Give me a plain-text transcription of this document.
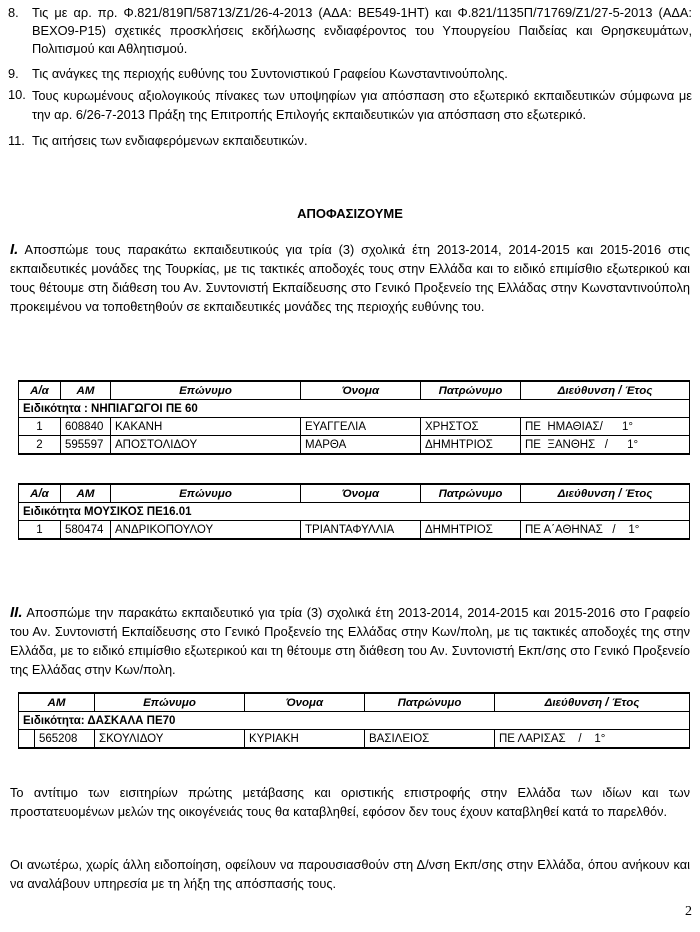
8.	Τις με αρ. πρ. Φ.821/819Π/58713/Ζ1/26-4-2013 (ΑΔΑ: ΒΕ549-1ΗΤ) και Φ.821/1135Π/71769/Ζ1/27-5-2013 (ΑΔΑ: ΒΕΧΟ9-Ρ15) σχετικές προσκλήσεις εκδήλωσης ενδιαφέροντος του Υπουργείου Παιδείας και Θρησκευμάτων, Πολιτισμού και Αθλητισμού.
9.	Τις ανάγκες της περιοχής ευθύνης του Συντονιστικού Γραφείου Κωνσταντινούπολης.
10. Τους κυρωμένους αξιολογικούς πίνακες των υποψηφίων για απόσπαση στο εξωτερικό εκπαιδευτικών σύμφωνα με την αρ. 6/26-7-2013 Πράξη της Επιτροπής Επιλογής εκπαιδευτικών για απόσπαση στο εξωτερικό.
11. Τις αιτήσεις των ενδιαφερόμενων εκπαιδευτικών.
ΑΠΟΦΑΣΙΖΟΥΜΕ
Ι. Αποσπώμε τους παρακάτω εκπαιδευτικούς για τρία (3) σχολικά έτη 2013-2014, 2014-2015 και 2015-2016 στις εκπαιδευτικές μονάδες της Τουρκίας, με τις τακτικές αποδοχές τους στην Ελλάδα και το ειδικό επιμίσθιο εξωτερικού και τους θέτουμε στη διάθεση του Αν. Συντονιστή Εκπαίδευσης στο Γενικό Προξενείο της Ελλάδας στην Κωνσταντινούπολη προκειμένου να τοποθετηθούν σε εκπαιδευτικές μονάδες της περιοχής ευθύνης του.
Α/α	ΑΜ	Επώνυμο	Όνομα	Πατρώνυμο	Διεύθυνση / Έτος
Ειδικότητα : ΝΗΠΙΑΓΩΓΟΙ ΠΕ 60					
1	608840	ΚΑΚΑΝΗ	ΕΥΑΓΓΕΛΙΑ	ΧΡΗΣΤΟΣ	ΠΕ  ΗΜΑΘΙΑΣ/      1°
2	595597	ΑΠΟΣΤΟΛΙΔΟΥ	ΜΑΡΘΑ	ΔΗΜΗΤΡΙΟΣ	ΠΕ  ΞΑΝΘΗΣ   /      1°
Α/α	ΑΜ	Επώνυμο	Όνομα	Πατρώνυμο	Διεύθυνση / Έτος
Ειδικότητα ΜΟΥΣΙΚΟΣ ΠΕ16.01					
1	580474	ΑΝΔΡΙΚΟΠΟΥΛΟΥ	ΤΡΙΑΝΤΑΦΥΛΛΙΑ	ΔΗΜΗΤΡΙΟΣ	ΠΕ Α΄ΑΘΗΝΑΣ   /    1°
ΙΙ. Αποσπώμε την παρακάτω εκπαιδευτικό για τρία (3) σχολικά έτη 2013-2014, 2014-2015 και 2015-2016 στο Γραφείο του Αν. Συντονιστή Εκπαίδευσης στο Γενικό Προξενείο της Ελλάδας στην Κων/πολη, με τις τακτικές αποδοχές της στην Ελλάδα, με το ειδικό επιμίσθιο εξωτερικού και τη θέτουμε στη διάθεση του Αν. Συντονιστή Εκπ/σης στο Γενικό Προξενείο της Ελλάδας στην Κων/πολη.
ΑΜ		Επώνυμο	Όνομα	Πατρώνυμο	Διεύθυνση / Έτος
Ειδικότητα: ΔΑΣΚΑΛΑ ΠΕ70					
	565208	ΣΚΟΥΛΙΔΟΥ	ΚΥΡΙΑΚΗ	ΒΑΣΙΛΕΙΟΣ	ΠΕ ΛΑΡΙΣΑΣ    /    1°
Το αντίτιμο των εισιτηρίων πρώτης μετάβασης και οριστικής επιστροφής στην Ελλάδα των ιδίων και των προστατευομένων μελών της οικογένειάς τους θα καταβληθεί, εφόσον δεν τους έχουν καταβληθεί κατά το παρελθόν.
Οι ανωτέρω, χωρίς άλλη ειδοποίηση, οφείλουν να παρουσιασθούν στη Δ/νση Εκπ/σης στην Ελλάδα, όπου ανήκουν και να αναλάβουν υπηρεσία με τη λήξη της απόσπασής τους.
2
